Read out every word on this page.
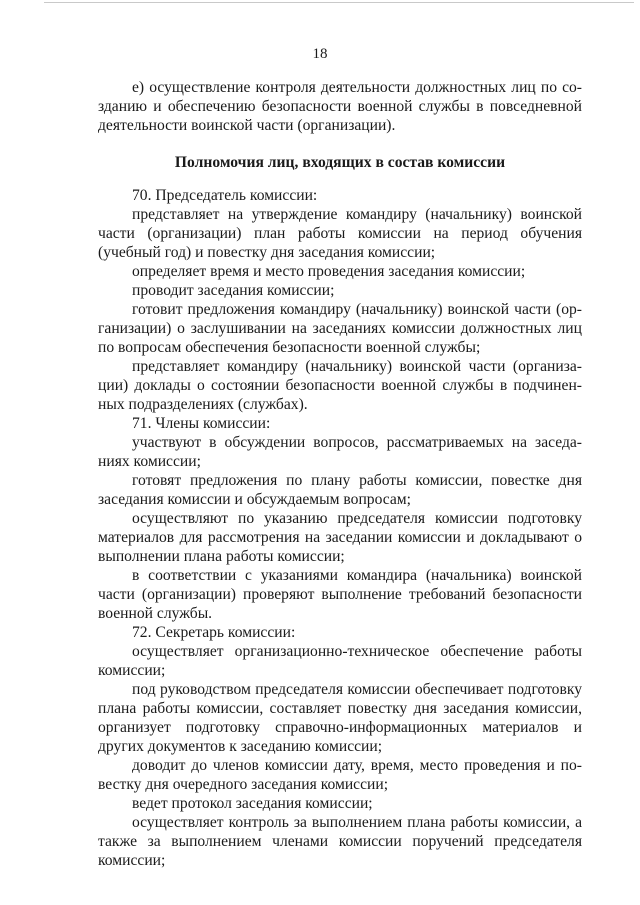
18

е) осуществление контроля деятельности должностных лиц по созданию и обеспечению безопасности военной службы в повседневной деятельности воинской части (организации).

Полномочия лиц, входящих в состав комиссии

70. Председатель комиссии:

представляет на утверждение командиру (начальнику) воинской части (организации) план работы комиссии на период обучения (учебный год) и повестку дня заседания комиссии;

определяет время и место проведения заседания комиссии;

проводит заседания комиссии;

готовит предложения командиру (начальнику) воинской части (организации) о заслушивании на заседаниях комиссии должностных лиц по вопросам обеспечения безопасности военной службы;

представляет командиру (начальнику) воинской части (организации) доклады о состоянии безопасности военной службы в подчиненных подразделениях (службах).

71. Члены комиссии:

участвуют в обсуждении вопросов, рассматриваемых на заседаниях комиссии;

готовят предложения по плану работы комиссии, повестке дня заседания комиссии и обсуждаемым вопросам;

осуществляют по указанию председателя комиссии подготовку материалов для рассмотрения на заседании комиссии и докладывают о выполнении плана работы комиссии;

в соответствии с указаниями командира (начальника) воинской части (организации) проверяют выполнение требований безопасности военной службы.

72. Секретарь комиссии:

осуществляет организационно-техническое обеспечение работы комиссии;

под руководством председателя комиссии обеспечивает подготовку плана работы комиссии, составляет повестку дня заседания комиссии, организует подготовку справочно-информационных материалов и других документов к заседанию комиссии;

доводит до членов комиссии дату, время, место проведения и повестку дня очередного заседания комиссии;

ведет протокол заседания комиссии;

осуществляет контроль за выполнением плана работы комиссии, а также за выполнением членами комиссии поручений председателя комиссии;
